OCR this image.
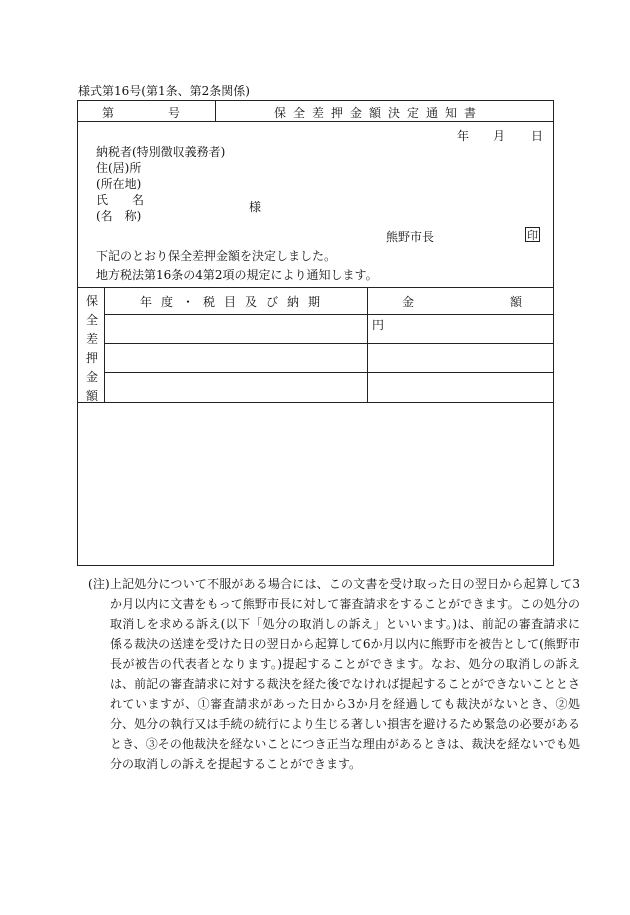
様式第16号(第1条、第2条関係)
第	号	保全差押金額決定通知書
年 月 日
納税者(特別徴収義務者)
住(居)所
(所在地)
氏　　名
(名　称)
様
熊野市長	印
下記のとおり保全差押金額を決定しました。
地方税法第16条の4第2項の規定により通知します。
保
全
差
押
金
額
年度・税目及び納期	金	額
円
(注)上記処分について不服がある場合には、この文書を受け取った日の翌日から起算して3か月以内に文書をもって熊野市長に対して審査請求をすることができます。この処分の取消しを求める訴え(以下「処分の取消しの訴え」といいます。)は、前記の審査請求に係る裁決の送達を受けた日の翌日から起算して6か月以内に熊野市を被告として(熊野市長が被告の代表者となります。)提起することができます。なお、処分の取消しの訴えは、前記の審査請求に対する裁決を経た後でなければ提起することができないこととされていますが、①審査請求があった日から3か月を経過しても裁決がないとき、②処分、処分の執行又は手続の続行により生じる著しい損害を避けるため緊急の必要があるとき、③その他裁決を経ないことにつき正当な理由があるときは、裁決を経ないでも処分の取消しの訴えを提起することができます。
